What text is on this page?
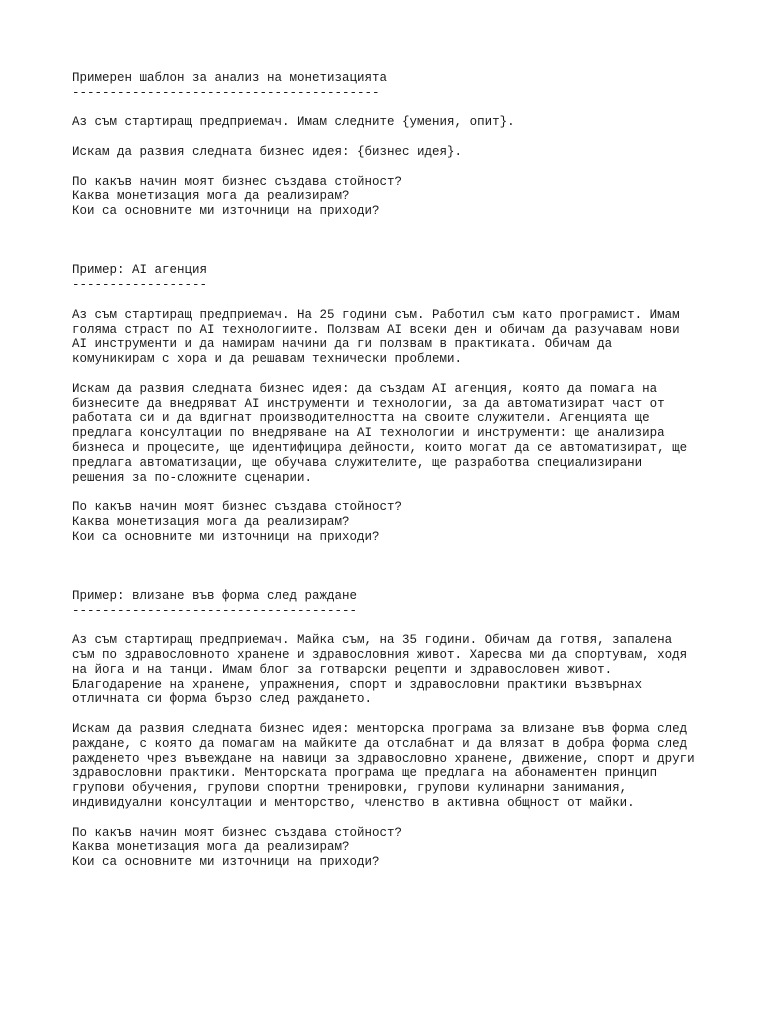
Примерен шаблон за анализ на монетизацията
-----------------------------------------
Аз съм стартиращ предприемач. Имам следните {умения, опит}.
Искам да развия следната бизнес идея: {бизнес идея}.
По какъв начин моят бизнес създава стойност?
Каква монетизация мога да реализирам?
Кои са основните ми източници на приходи?
Пример: AI агенция
------------------
Аз съм стартиращ предприемач. На 25 години съм. Работил съм като програмист. Имам
голяма страст по AI технологиите. Ползвам AI всеки ден и обичам да разучавам нови
AI инструменти и да намирам начини да ги ползвам в практиката. Обичам да
комуникирам с хора и да решавам технически проблеми.
Искам да развия следната бизнес идея: да създам AI агенция, която да помага на
бизнесите да внедряват AI инструменти и технологии, за да автоматизират част от
работата си и да вдигнат производителността на своите служители. Агенцията ще
предлага консултации по внедряване на AI технологии и инструменти: ще анализира
бизнеса и процесите, ще идентифицира дейности, които могат да се автоматизират, ще
предлага автоматизации, ще обучава служителите, ще разработва специализирани
решения за по-сложните сценарии.
По какъв начин моят бизнес създава стойност?
Каква монетизация мога да реализирам?
Кои са основните ми източници на приходи?
Пример: влизане във форма след раждане
--------------------------------------
Аз съм стартиращ предприемач. Майка съм, на 35 години. Обичам да готвя, запалена
съм по здравословното хранене и здравословния живот. Харесва ми да спортувам, ходя
на йога и на танци. Имам блог за готварски рецепти и здравословен живот.
Благодарение на хранене, упражнения, спорт и здравословни практики възвърнах
отличната си форма бързо след раждането.
Искам да развия следната бизнес идея: менторска програма за влизане във форма след
раждане, с която да помагам на майките да отслабнат и да влязат в добра форма след
ражденето чрез въвеждане на навици за здравословно хранене, движение, спорт и други
здравословни практики. Менторската програма ще предлага на абонаментен принцип
групови обучения, групови спортни тренировки, групови кулинарни занимания,
индивидуални консултации и менторство, членство в активна общност от майки.
По какъв начин моят бизнес създава стойност?
Каква монетизация мога да реализирам?
Кои са основните ми източници на приходи?
